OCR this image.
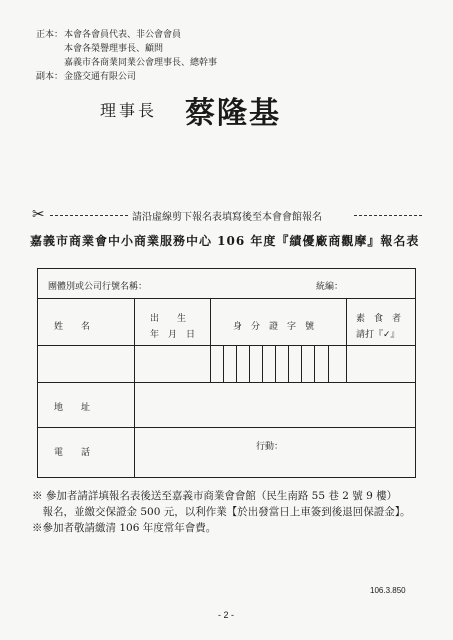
正本：本會各會員代表、非公會會員
本會各榮譽理事長、顧問
嘉義市各商業同業公會理事長、總幹事
副本：金盛交通有限公司
理事長 蔡隆基
✂	請沿虛線剪下報名表填寫後至本會會館報名
嘉義市商業會中小商業服務中心 106 年度『績優廠商觀摩』報名表
團體別或公司行號名稱：	統編：
姓　　名
出　　生
年　月　日
身　分　證　字　號
素　食　者
請打『✓』
地　　址
電　　話
行動：
※ 參加者請詳填報名表後送至嘉義市商業會會館（民生南路 55 巷 2 號 9 樓）
　報名，並繳交保證金 500 元，以利作業【於出發當日上車簽到後退回保證金】。
※參加者敬請繳清 106 年度常年會費。
106.3.850
- 2 -
